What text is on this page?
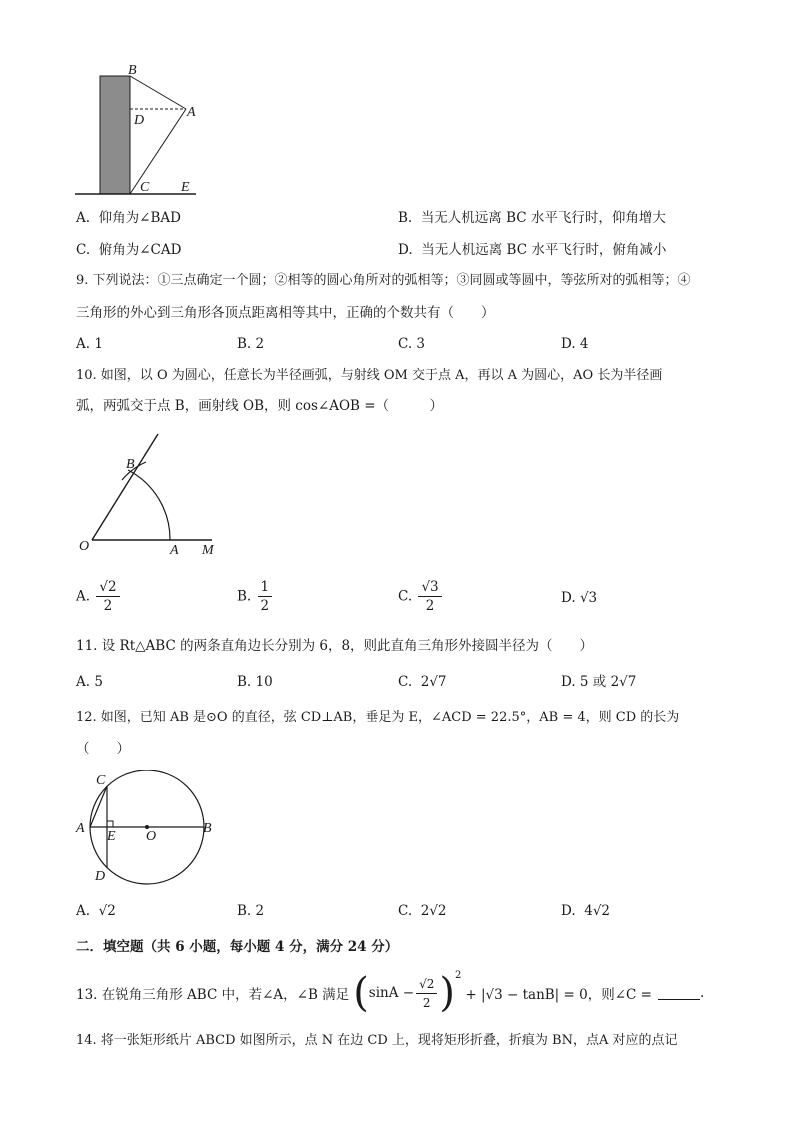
B
D
A
C E
A. 仰角为∠BAD	B. 当无人机远离 BC 水平飞行时，仰角增大
C. 俯角为∠CAD	D. 当无人机远离 BC 水平飞行时，俯角减小
9. 下列说法：①三点确定一个圆；②相等的圆心角所对的弧相等；③同圆或等圆中，等弦所对的弧相等；④
三角形的外心到三角形各顶点距离相等其中，正确的个数共有（　　）
A. 1	B. 2	C. 3	D. 4
10. 如图，以 O 为圆心，任意长为半径画弧，与射线 OM 交于点 A，再以 A 为圆心，AO 长为半径画
弧，两弧交于点 B，画射线 OB，则 cos∠AOB =（　　　）
B
O	A M
A. $\frac{√2}{2}$	B. $\frac{1}{2}$	C. $\frac{√3}{2}$	D. √3
11. 设 Rt△ABC 的两条直角边长分别为 6，8，则此直角三角形外接圆半径为（　　）
A. 5	B. 10	C. 2√7	D. 5 或 2√7
12. 如图，已知 AB 是⊙O 的直径，弦 CD⊥AB，垂足为 E，∠ACD = 22.5°，AB = 4，则 CD 的长为
（　　）
C
A
E O
B
D
A. √2	B. 2	C. 2√2	D. 4√2
二．填空题（共 6 小题，每小题 4 分，满分 24 分）
13. 在锐角三角形 ABC 中，若∠A，∠B 满足 ( $\sin A - \frac{√2}{2} )^2$
+ |√3 − tanB| = 0，则∠C =	.
14. 将一张矩形纸片 ABCD 如图所示，点 N 在边 CD 上，现将矩形折叠，折痕为 BN，点A 对应的点记
